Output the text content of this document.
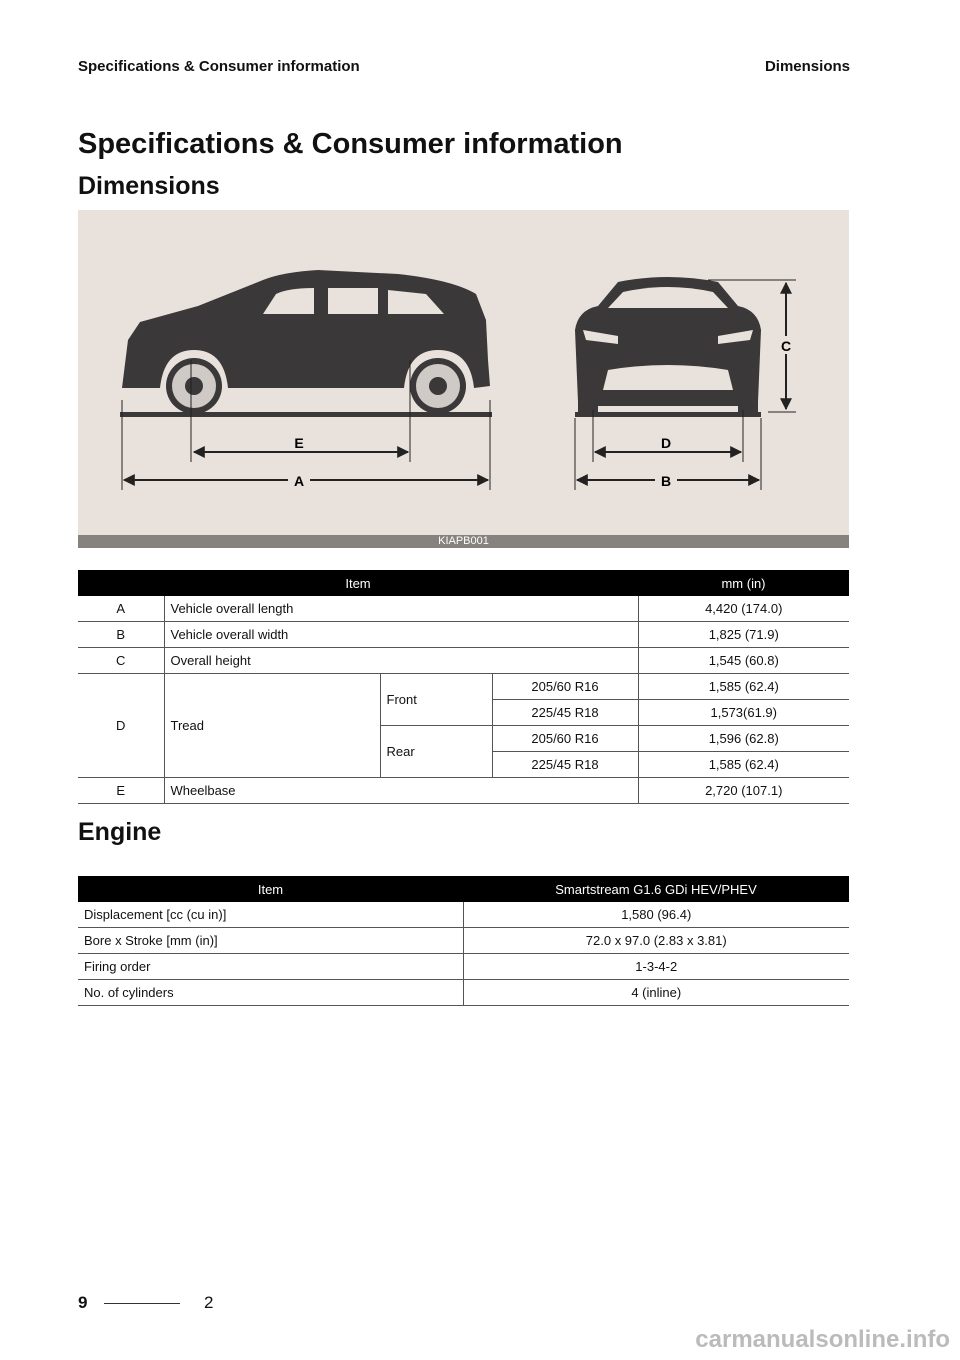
Specifications & Consumer information	Dimensions
Specifications & Consumer information
Dimensions
E
A
C
D
B
KIAPB001
Item				mm (in)
A	Vehicle overall length			4,420 (174.0)
B	Vehicle overall width			1,825 (71.9)
C	Overall height			1,545 (60.8)
D	Tread	Front	205/60 R16	1,585 (62.4)
			225/45 R18	1,573(61.9)
		Rear	205/60 R16	1,596 (62.8)
			225/45 R18	1,585 (62.4)
E	Wheelbase			2,720 (107.1)
Engine
Item	Smartstream G1.6 GDi HEV/PHEV
Displacement [cc (cu in)]	1,580 (96.4)
Bore x Stroke [mm (in)]	72.0 x 97.0 (2.83 x 3.81)
Firing order	1-3-4-2
No. of cylinders	4 (inline)
9	2
carmanualsonline.info
